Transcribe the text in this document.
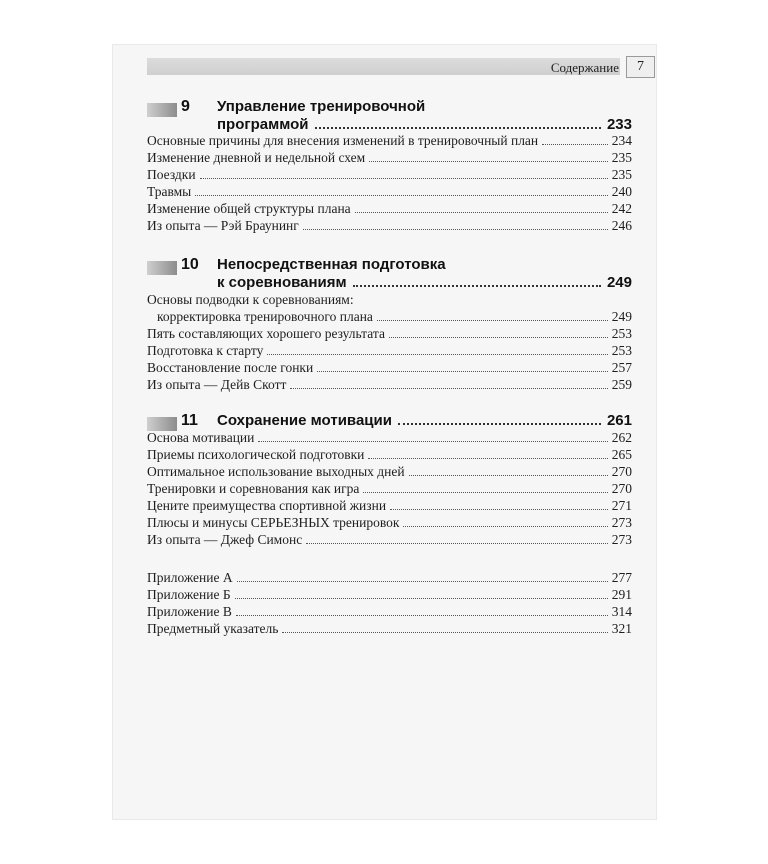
Содержание	7
9 Управление тренировочной
программой	233
Основные причины для внесения изменений в тренировочный план	234
Изменение дневной и недельной схем	235
Поездки	235
Травмы	240
Изменение общей структуры плана	242
Из опыта — Рэй Браунинг	246
10 Непосредственная подготовка
к соревнованиям	249
Основы подводки к соревнованиям:
корректировка тренировочного плана	249
Пять составляющих хорошего результата	253
Подготовка к старту	253
Восстановление после гонки	257
Из опыта — Дейв Скотт	259
11 Сохранение мотивации	261
Основа мотивации	262
Приемы психологической подготовки	265
Оптимальное использование выходных дней	270
Тренировки и соревнования как игра	270
Цените преимущества спортивной жизни	271
Плюсы и минусы СЕРЬЕЗНЫХ тренировок	273
Из опыта — Джеф Симонс	273
Приложение А	277
Приложение Б	291
Приложение В	314
Предметный указатель	321
